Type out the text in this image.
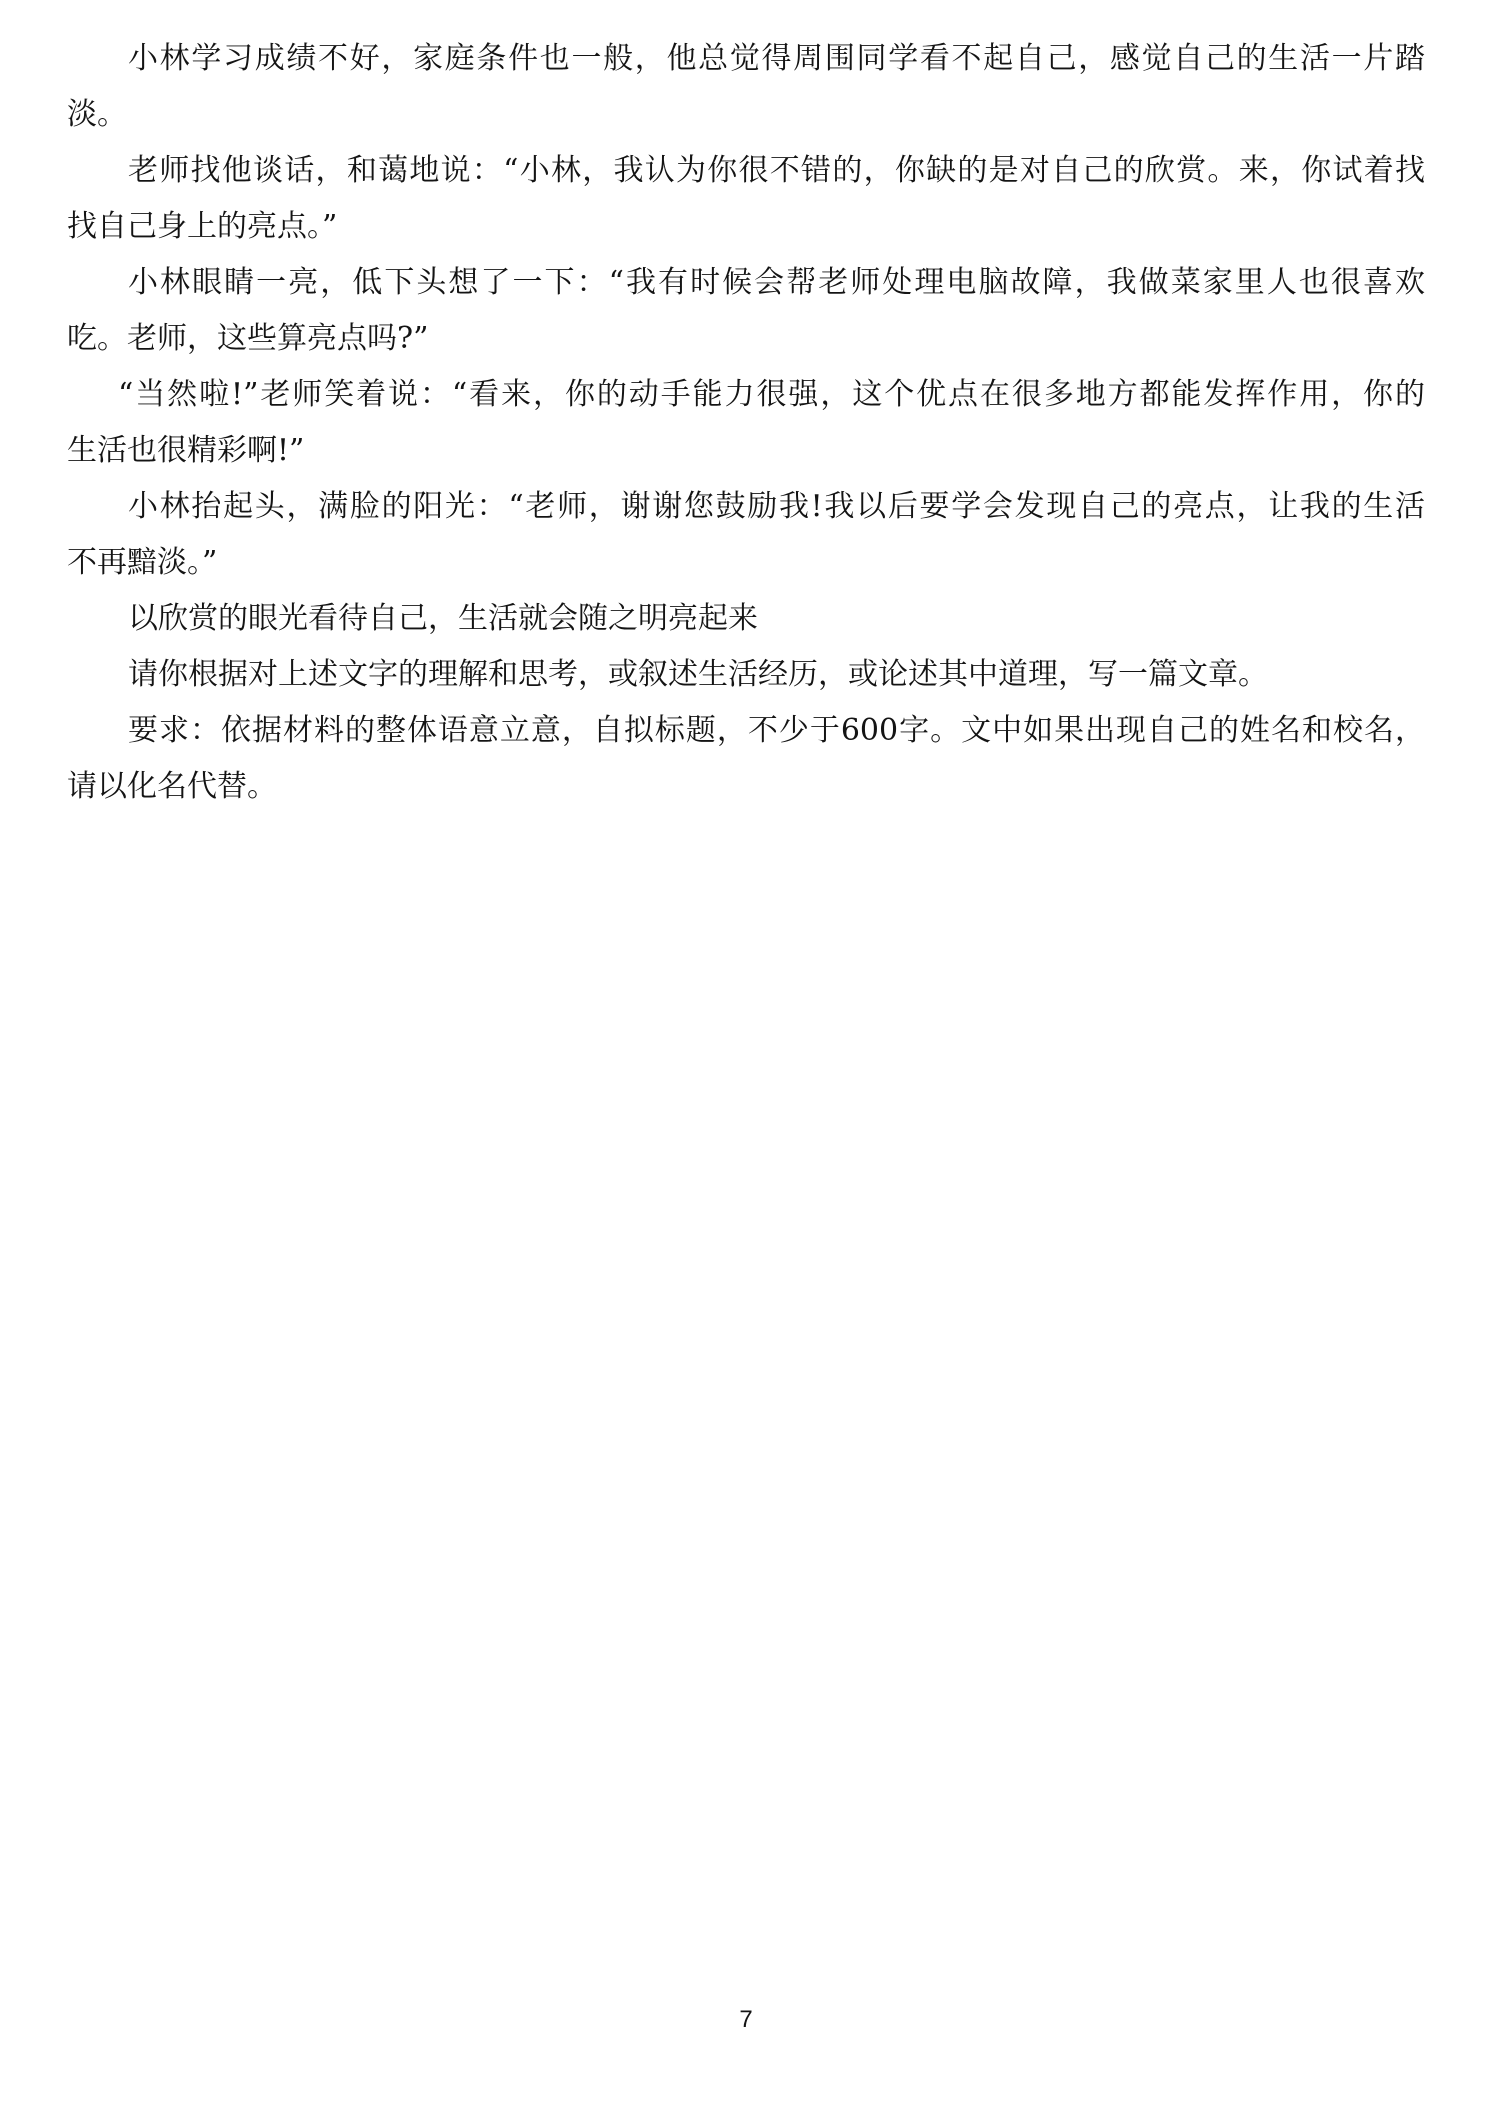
小林学习成绩不好，家庭条件也一般，他总觉得周围同学看不起自己，感觉自己的生活一片踏
淡。
老师找他谈话，和蔼地说：“小林，我认为你很不错的，你缺的是对自己的欣赏。来，你试着找
找自己身上的亮点。”
小林眼睛一亮，低下头想了一下：“我有时候会帮老师处理电脑故障，我做菜家里人也很喜欢
吃。老师，这些算亮点吗?”
“当然啦!”老师笑着说：“看来，你的动手能力很强，这个优点在很多地方都能发挥作用，你的
生活也很精彩啊!”
小林抬起头，满脸的阳光：“老师，谢谢您鼓励我!我以后要学会发现自己的亮点，让我的生活
不再黯淡。”
以欣赏的眼光看待自己，生活就会随之明亮起来
请你根据对上述文字的理解和思考，或叙述生活经历，或论述其中道理，写一篇文章。
要求：依据材料的整体语意立意，自拟标题，不少于600字。文中如果出现自己的姓名和校名，
请以化名代替。
7
